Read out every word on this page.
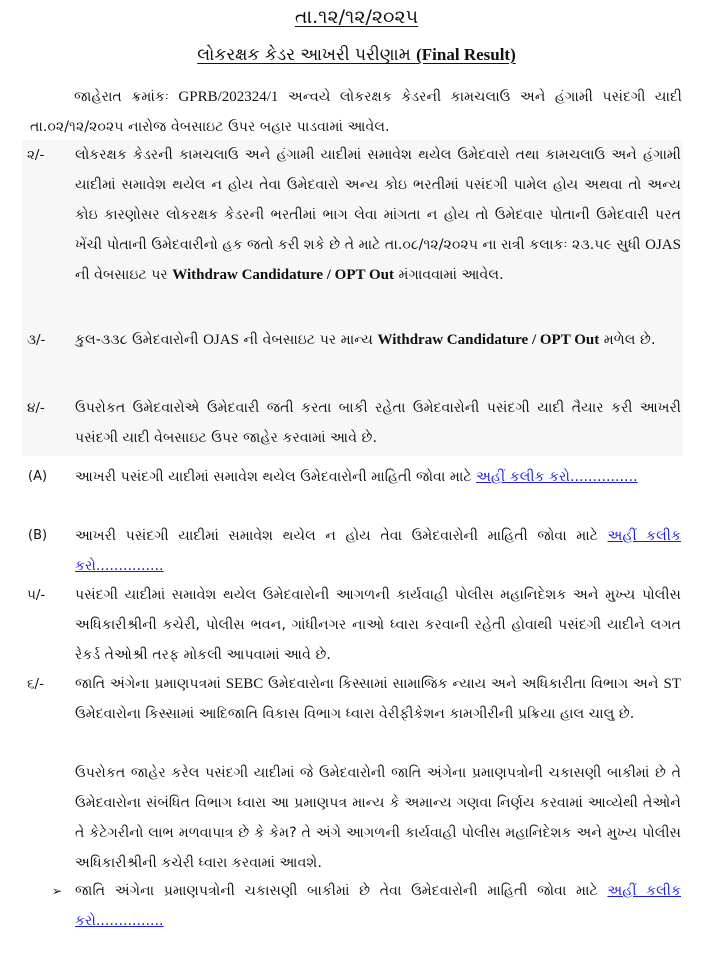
તા.૧૨/૧૨/૨૦૨૫
લોકરક્ષક કેડર આખરી પરીણામ (Final Result)
જાહેરાત ક્રમાંકઃ GPRB/202324/1 અન્વયે લોકરક્ષક કેડરની કામચલાઉ અને હંગામી પસંદગી યાદી તા.૦૨/૧૨/૨૦૨૫ નારોજ વેબસાઇટ ઉપર બહાર પાડવામાં આવેલ.
૨/- લોકરક્ષક કેડરની કામચલાઉ અને હંગામી યાદીમાં સમાવેશ થયેલ ઉમેદવારો તથા કામચલાઉ અને હંગામી યાદીમાં સમાવેશ થયેલ ન હોય તેવા ઉમેદવારો અન્ય કોઇ ભરતીમાં પસંદગી પામેલ હોય અથવા તો અન્ય કોઇ કારણોસર લોકરક્ષક કેડરની ભરતીમાં ભાગ લેવા માંગતા ન હોય તો ઉમેદવાર પોતાની ઉમેદવારી પરત ખેંચી પોતાની ઉમેદવારીનો હક જતો કરી શકે છે તે માટે તા.૦૮/૧૨/૨૦૨૫ ના રાત્રી કલાકઃ ૨૩.૫૯ સુધી OJAS ની વેબસાઇટ પર Withdraw Candidature / OPT Out મંગાવવામાં આવેલ.
૩/- કુલ-૩૩૮ ઉમેદવારોની OJAS ની વેબસાઇટ પર માન્ય Withdraw Candidature / OPT Out મળેલ છે.
૪/- ઉપરોકત ઉમેદવારોએ ઉમેદવારી જતી કરતા બાકી રહેતા ઉમેદવારોની પસંદગી યાદી તૈયાર કરી આખરી પસંદગી યાદી વેબસાઇટ ઉપર જાહેર કરવામાં આવે છે.
(A) આખરી પસંદગી યાદીમાં સમાવેશ થયેલ ઉમેદવારોની માહિતી જોવા માટે અહીં કલીક કરો...............
(B) આખરી પસંદગી યાદીમાં સમાવેશ થયેલ ન હોય તેવા ઉમેદવારોની માહિતી જોવા માટે અહીં કલીક કરો...............
૫/- પસંદગી યાદીમાં સમાવેશ થયેલ ઉમેદવારોની આગળની કાર્યવાહી પોલીસ મહાનિદેશક અને મુખ્ય પોલીસ અધિકારીશ્રીની કચેરી, પોલીસ ભવન, ગાંધીનગર નાઓ ધ્વારા કરવાની રહેતી હોવાથી પસંદગી યાદીને લગત રેકર્ડ તેઓશ્રી તરફ મોકલી આપવામાં આવે છે.
૬/- જાતિ અંગેના પ્રમાણપત્રમાં SEBC ઉમેદવારોના કિસ્સામાં સામાજિક ન્યાય અને અધિકારીતા વિભાગ અને ST ઉમેદવારોના કિસ્સામાં આદિજાતિ વિકાસ વિભાગ ધ્વારા વેરીફીકેશન કામગીરીની પ્રક્રિયા હાલ ચાલુ છે.
ઉપરોકત જાહેર કરેલ પસંદગી યાદીમાં જે ઉમેદવારોની જાતિ અંગેના પ્રમાણપત્રોની ચકાસણી બાકીમાં છે તે ઉમેદવારોના સંબંધિત વિભાગ ધ્વારા આ પ્રમાણપત્ર માન્ય કે અમાન્ય ગણવા નિર્ણય કરવામાં આવ્યેથી તેઓને તે કેટેગરીનો લાભ મળવાપાત્ર છે કે કેમ? તે અંગે આગળની કાર્યવાહી પોલીસ મહાનિદેશક અને મુખ્ય પોલીસ અધિકારીશ્રીની કચેરી ધ્વારા કરવામાં આવશે.
➢ જાતિ અંગેના પ્રમાણપત્રોની ચકાસણી બાકીમાં છે તેવા ઉમેદવારોની માહિતી જોવા માટે અહીં કલીક કરો...............
